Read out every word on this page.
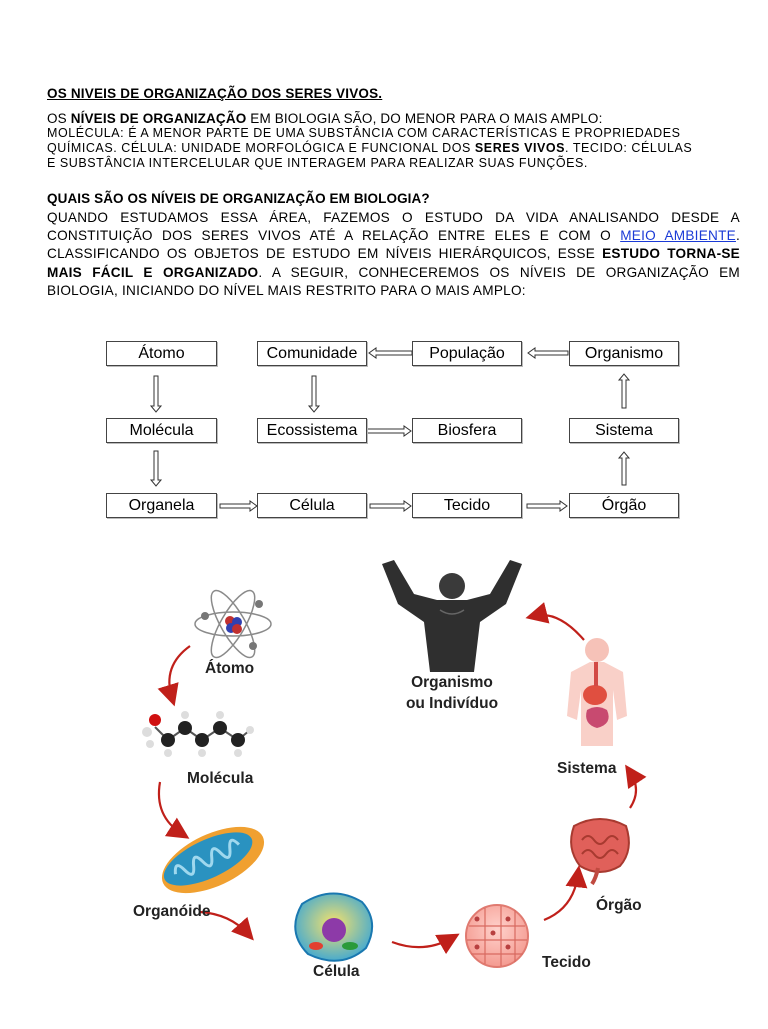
OS NIVEIS DE ORGANIZAÇÃO DOS SERES VIVOS.
OS NÍVEIS DE ORGANIZAÇÃO EM BIOLOGIA SÃO, DO MENOR PARA O MAIS AMPLO:
MOLÉCULA: É A MENOR PARTE DE UMA SUBSTÂNCIA COM CARACTERÍSTICAS E PROPRIEDADES
QUÍMICAS. CÉLULA: UNIDADE MORFOLÓGICA E FUNCIONAL DOS SERES VIVOS. TECIDO: CÉLULAS
E SUBSTÂNCIA INTERCELULAR QUE INTERAGEM PARA REALIZAR SUAS FUNÇÕES.
QUAIS SÃO OS NÍVEIS DE ORGANIZAÇÃO EM BIOLOGIA?
QUANDO ESTUDAMOS ESSA ÁREA, FAZEMOS O ESTUDO DA VIDA ANALISANDO DESDE A CONSTITUIÇÃO DOS SERES VIVOS ATÉ A RELAÇÃO ENTRE ELES E COM O MEIO AMBIENTE. CLASSIFICANDO OS OBJETOS DE ESTUDO EM NÍVEIS HIERÁRQUICOS, ESSE ESTUDO TORNA-SE MAIS FÁCIL E ORGANIZADO. A SEGUIR, CONHECEREMOS OS NÍVEIS DE ORGANIZAÇÃO EM BIOLOGIA, INICIANDO DO NÍVEL MAIS RESTRITO PARA O MAIS AMPLO:
Átomo	Comunidade	População	Organismo
Molécula	Ecossistema	Biosfera	Sistema
Organela	Célula	Tecido	Órgão
Átomo
Molécula
Organóide
Célula
Tecido
Órgão
Sistema
Organismo
ou Indivíduo
